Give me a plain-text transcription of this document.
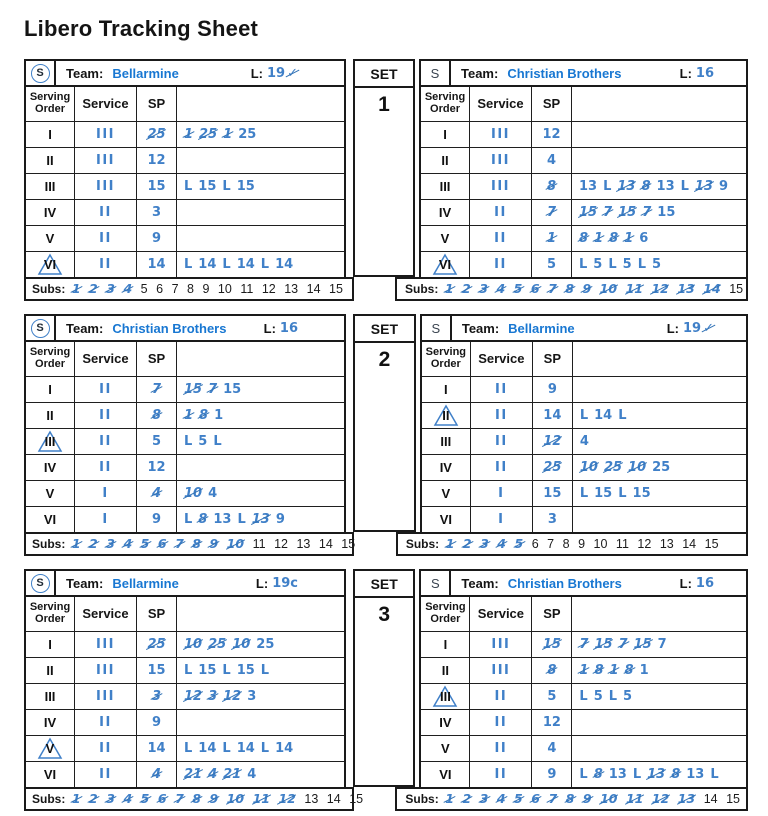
Libero Tracking Sheet
S Team: Bellarmine	L: 19 ✓
Serving
Order	Service	SP
I	III	25 1 25 1 25
II	III	12
III	III	15 L 15 L 15
IV	II	3
V	II	9
VI	II	14 L 14 L 14 L 14
Subs: 1 2 3 4 5 6 7 8 9 10 11 12 13 14 15
SET
1
S Team: Christian Brothers	L: 16
Serving
Order	Service	SP
I	III	12
II	III	4
III	III	8 13 L 13 8 13 L 13 9
IV	II	7 15 7 15 7 15
V	II	1 8 1 8 1 6
VI	II	5 L 5 L 5 L 5
Subs: 1 2 3 4 5 6 7 8 9 10 11 12 13 14 15
S Team: Christian Brothers	L: 16
Serving
Order	Service	SP
I	II	7 15 7 15
II	II	8 1 8 1
III	II	5 L 5 L
IV	II	12
V	I	4 10 4
VI	I	9 L 8 13 L 13 9
Subs: 1 2 3 4 5 6 7 8 9 10 11 12 13 14 15
SET
2
S Team: Bellarmine	L: 19 ✓
Serving
Order	Service	SP
I	II	9
II	II	14 L 14 L
III	II	12 4
IV	II	25 10 25 10 25
V	I	15 L 15 L 15
VI	I	3
Subs: 1 2 3 4 5 6 7 8 9 10 11 12 13 14 15
S Team: Bellarmine	L: 19c
Serving
Order	Service	SP
I	III	25 10 25 10 25
II	III	15 L 15 L 15 L
III	III	3 12 3 12 3
IV	II	9
V	II	14 L 14 L 14 L 14
VI	II	4 21 4 21 4
Subs: 1 2 3 4 5 6 7 8 9 10 11 12 13 14 15
SET
3
S Team: Christian Brothers	L: 16
Serving
Order	Service	SP
I	III	15 7 15 7 15 7
II	III	8 1 8 1 8 1
III	II	5 L 5 L 5
IV	II	12
V	II	4
VI	II	9 L 8 13 L 13 8 13 L
Subs: 1 2 3 4 5 6 7 8 9 10 11 12 13 14 15
